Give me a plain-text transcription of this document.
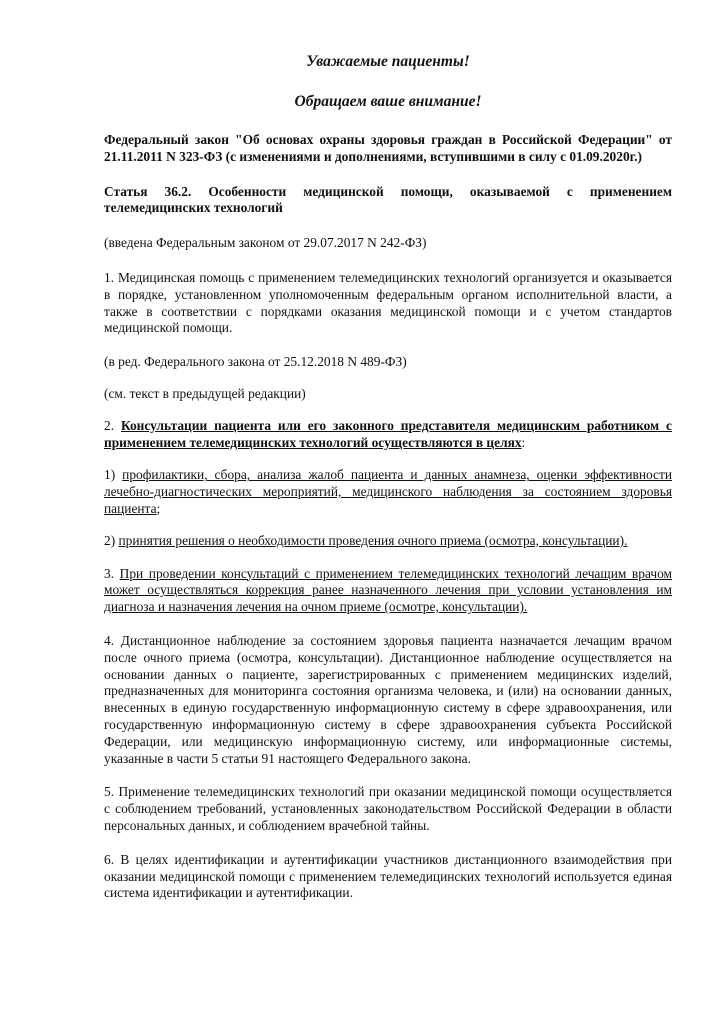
Уважаемые пациенты!
Обращаем ваше внимание!

Федеральный закон "Об основах охраны здоровья граждан в Российской Федерации" от 21.11.2011 N 323-ФЗ (с изменениями и дополнениями, вступившими в силу с 01.09.2020г.)

Статья 36.2. Особенности медицинской помощи, оказываемой с применением телемедицинских технологий

(введена Федеральным законом от 29.07.2017 N 242-ФЗ)

1. Медицинская помощь с применением телемедицинских технологий организуется и оказывается в порядке, установленном уполномоченным федеральным органом исполнительной власти, а также в соответствии с порядками оказания медицинской помощи и с учетом стандартов медицинской помощи.

(в ред. Федерального закона от 25.12.2018 N 489-ФЗ)

(см. текст в предыдущей редакции)

2. Консультации пациента или его законного представителя медицинским работником с применением телемедицинских технологий осуществляются в целях:

1) профилактики, сбора, анализа жалоб пациента и данных анамнеза, оценки эффективности лечебно-диагностических мероприятий, медицинского наблюдения за состоянием здоровья пациента;

2) принятия решения о необходимости проведения очного приема (осмотра, консультации).

3. При проведении консультаций с применением телемедицинских технологий лечащим врачом может осуществляться коррекция ранее назначенного лечения при условии установления им диагноза и назначения лечения на очном приеме (осмотре, консультации).

4. Дистанционное наблюдение за состоянием здоровья пациента назначается лечащим врачом после очного приема (осмотра, консультации). Дистанционное наблюдение осуществляется на основании данных о пациенте, зарегистрированных с применением медицинских изделий, предназначенных для мониторинга состояния организма человека, и (или) на основании данных, внесенных в единую государственную информационную систему в сфере здравоохранения, или государственную информационную систему в сфере здравоохранения субъекта Российской Федерации, или медицинскую информационную систему, или информационные системы, указанные в части 5 статьи 91 настоящего Федерального закона.

5. Применение телемедицинских технологий при оказании медицинской помощи осуществляется с соблюдением требований, установленных законодательством Российской Федерации в области персональных данных, и соблюдением врачебной тайны.

6. В целях идентификации и аутентификации участников дистанционного взаимодействия при оказании медицинской помощи с применением телемедицинских технологий используется единая система идентификации и аутентификации.
